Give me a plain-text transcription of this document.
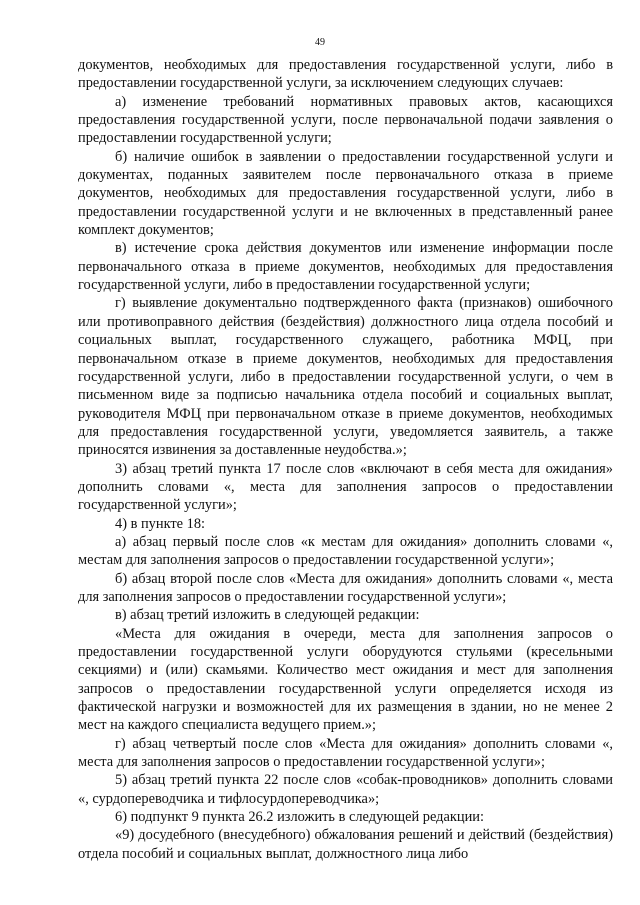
49

документов, необходимых для предоставления государственной услуги, либо в предоставлении государственной услуги, за исключением следующих случаев:

а) изменение требований нормативных правовых актов, касающихся предоставления государственной услуги, после первоначальной подачи заявления о предоставлении государственной услуги;

б) наличие ошибок в заявлении о предоставлении государственной услуги и документах, поданных заявителем после первоначального отказа в приеме документов, необходимых для предоставления государственной услуги, либо в предоставлении государственной услуги и не включенных в представленный ранее комплект документов;

в) истечение срока действия документов или изменение информации после первоначального отказа в приеме документов, необходимых для предоставления государственной услуги, либо в предоставлении государственной услуги;

г) выявление документально подтвержденного факта (признаков) ошибочного или противоправного действия (бездействия) должностного лица отдела пособий и социальных выплат, государственного служащего, работника МФЦ, при первоначальном отказе в приеме документов, необходимых для предоставления государственной услуги, либо в предоставлении государственной услуги, о чем в письменном виде за подписью начальника отдела пособий и социальных выплат, руководителя МФЦ при первоначальном отказе в приеме документов, необходимых для предоставления государственной услуги, уведомляется заявитель, а также приносятся извинения за доставленные неудобства.»;

3) абзац третий пункта 17 после слов «включают в себя места для ожидания» дополнить словами «, места для заполнения запросов о предоставлении государственной услуги»;

4) в пункте 18:

а) абзац первый после слов «к местам для ожидания» дополнить словами «, местам для заполнения запросов о предоставлении государственной услуги»;

б) абзац второй после слов «Места для ожидания» дополнить словами «, места для заполнения запросов о предоставлении государственной услуги»;

в) абзац третий изложить в следующей редакции:

«Места для ожидания в очереди, места для заполнения запросов о предоставлении государственной услуги оборудуются стульями (кресельными секциями) и (или) скамьями. Количество мест ожидания и мест для заполнения запросов о предоставлении государственной услуги определяется исходя из фактической нагрузки и возможностей для их размещения в здании, но не менее 2 мест на каждого специалиста ведущего прием.»;

г) абзац четвертый после слов «Места для ожидания» дополнить словами «, места для заполнения запросов о предоставлении государственной услуги»;

5) абзац третий пункта 22 после слов «собак-проводников» дополнить словами «, сурдопереводчика и тифлосурдопереводчика»;

6) подпункт 9 пункта 26.2 изложить в следующей редакции:

«9) досудебного (внесудебного) обжалования решений и действий (бездействия) отдела пособий и социальных выплат, должностного лица либо
